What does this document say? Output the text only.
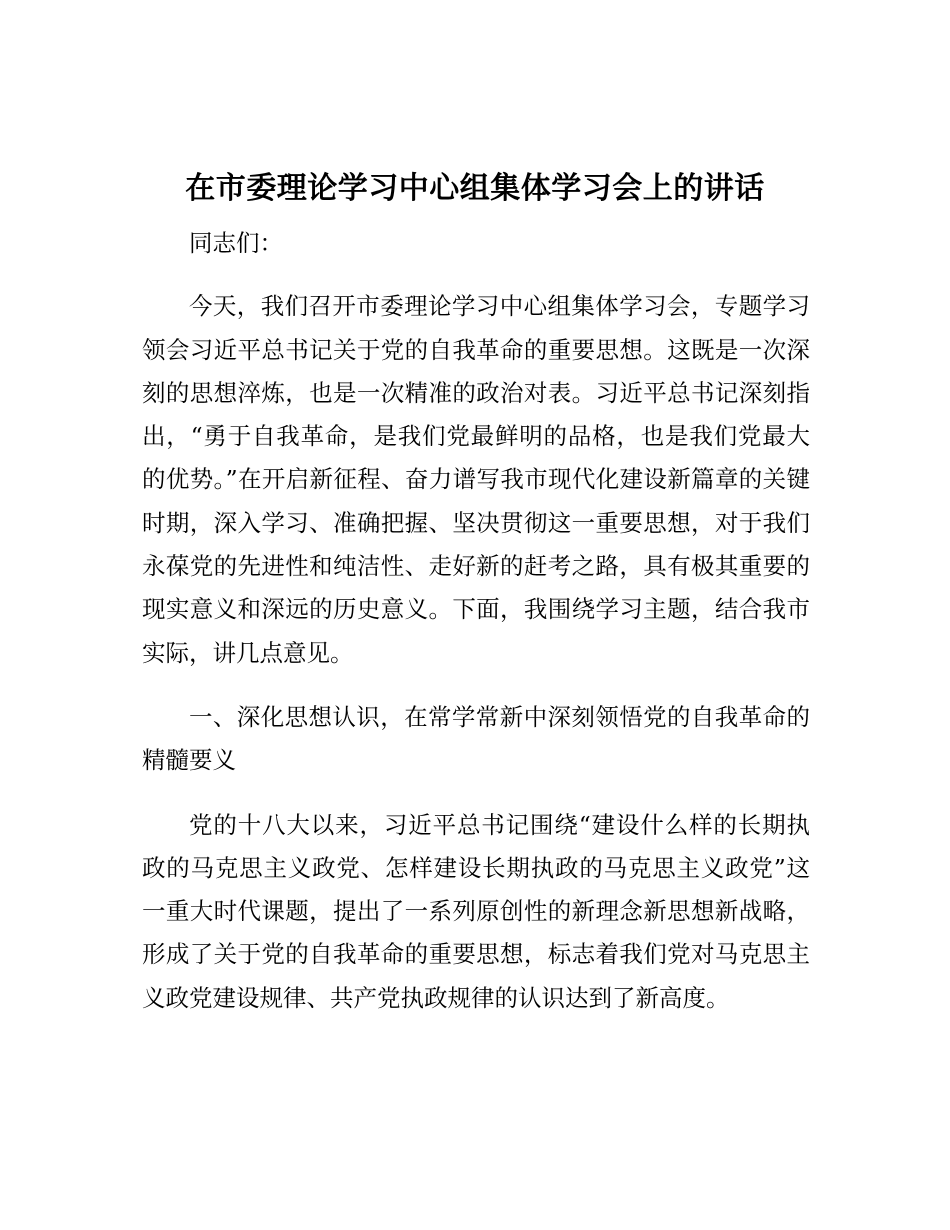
在市委理论学习中心组集体学习会上的讲话

同志们：

今天，我们召开市委理论学习中心组集体学习会，专题学习领会习近平总书记关于党的自我革命的重要思想。这既是一次深刻的思想淬炼，也是一次精准的政治对表。习近平总书记深刻指出，“勇于自我革命，是我们党最鲜明的品格，也是我们党最大的优势。”在开启新征程、奋力谱写我市现代化建设新篇章的关键时期，深入学习、准确把握、坚决贯彻这一重要思想，对于我们永葆党的先进性和纯洁性、走好新的赶考之路，具有极其重要的现实意义和深远的历史意义。下面，我围绕学习主题，结合我市实际，讲几点意见。

一、深化思想认识，在常学常新中深刻领悟党的自我革命的精髓要义

党的十八大以来，习近平总书记围绕“建设什么样的长期执政的马克思主义政党、怎样建设长期执政的马克思主义政党”这一重大时代课题，提出了一系列原创性的新理念新思想新战略，形成了关于党的自我革命的重要思想，标志着我们党对马克思主义政党建设规律、共产党执政规律的认识达到了新高度。
